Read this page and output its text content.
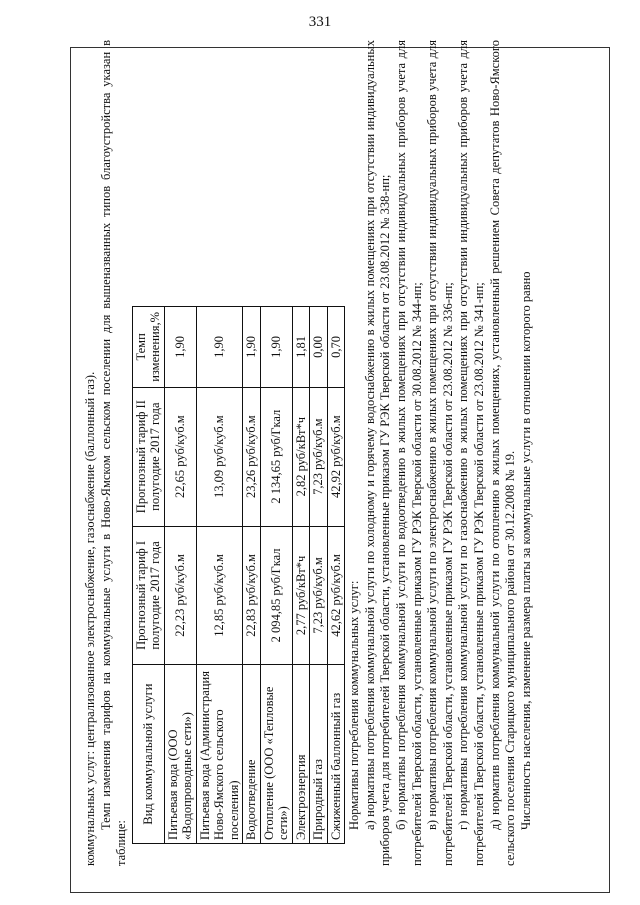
331

коммунальных услуг: централизованное электроснабжение, газоснабжение (баллонный газ). Темп изменения тарифов на коммунальные услуги в Ново-Ямском сельском поселении для вышеназванных типов благоустройства указан в таблице:

Вид коммунальной услуги	Прогнозный тариф I полугодие 2017 года	Прогнозный тариф II полугодие 2017 года	Темп изменения,%
Питьевая вода (ООО «Водопроводные сети»)	22,23 руб/куб.м	22,65 руб/куб.м	1,90
Питьевая вода (Администрация Ново-Ямского сельского поселения)	12,85 руб/куб.м	13,09 руб/куб.м	1,90
Водоотведение	22,83 руб/куб.м	23,26 руб/куб.м	1,90
Отопление (ООО «Тепловые сети»)	2 094,85 руб/Гкал	2 134,65 руб/Гкал	1,90
Электроэнергия	2,77 руб/кВт*ч	2,82 руб/кВт*ч	1,81
Природный газ	7,23 руб/куб.м	7,23 руб/куб.м	0,00
Сжиженный баллонный газ	42,62 руб/куб.м	42,92 руб/куб.м	0,70

Нормативы потребления коммунальных услуг: а) нормативы потребления коммунальной услуги по холодному и горячему водоснабжению в жилых помещениях при отсутствии индивидуальных приборов учета для потребителей Тверской области, установленные приказом ГУ РЭК Тверской области от 23.08.2012 № 338-нп; б) нормативы потребления коммунальной услуги по водоотведению в жилых помещениях при отсутствии индивидуальных приборов учета для потребителей Тверской области, установленные приказом ГУ РЭК Тверской области от 30.08.2012 № 344-нп; в) нормативы потребления коммунальной услуги по электроснабжению в жилых помещениях при отсутствии индивидуальных приборов учета для потребителей Тверской области, установленные приказом ГУ РЭК Тверской области от 23.08.2012 № 336-нп; г) нормативы потребления коммунальной услуги по газоснабжению в жилых помещениях при отсутствии индивидуальных приборов учета для потребителей Тверской области, установленные приказом ГУ РЭК Тверской области от 23.08.2012 № 341-нп; д) норматив потребления коммунальной услуги по отоплению в жилых помещениях, установленный решением Совета депутатов Ново-Ямского сельского поселения Старицкого муниципального района от 30.12.2008 № 19. Численность населения, изменение размера платы за коммунальные услуги в отношении которого равно
